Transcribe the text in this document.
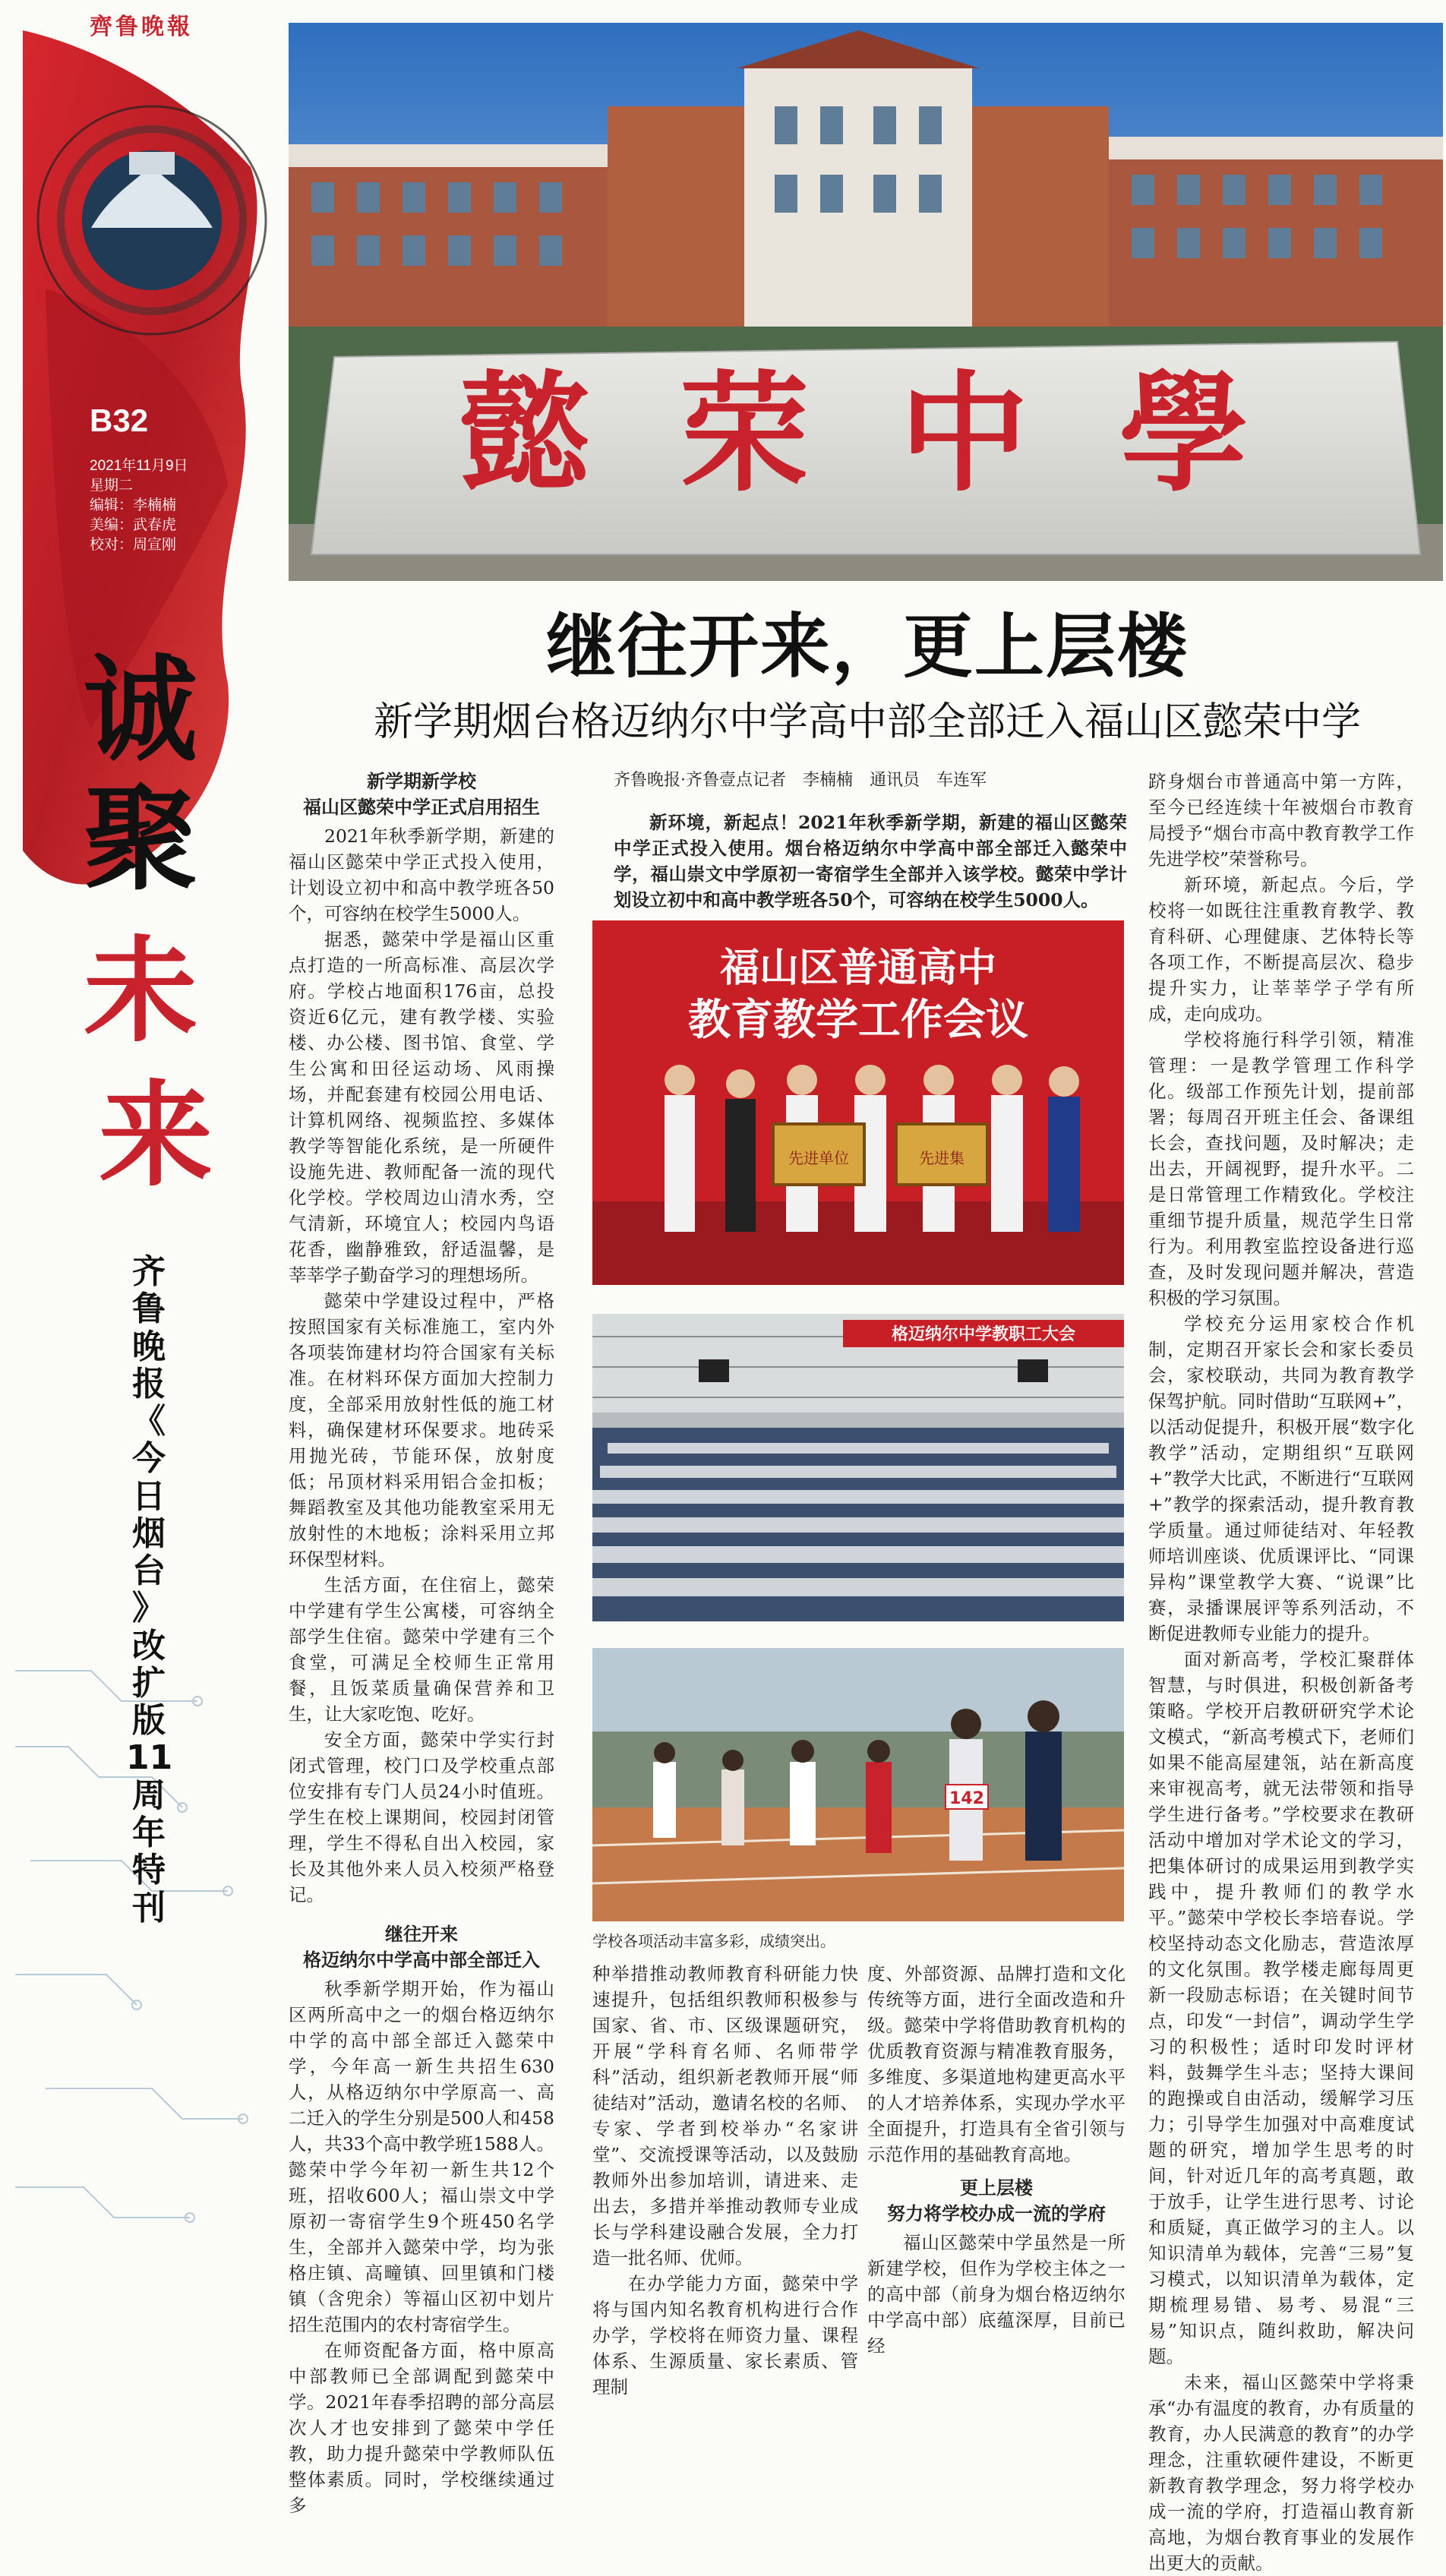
齊鲁晚報
B32
2021年11月9日
星期二
编辑：李楠楠
美编：武春虎
校对：周宣刚
诚
聚
未
来
齐
鲁
晚
报
《
今
日
烟
台
》
改
扩
版
11
周
年
特
刊
懿 荣 中 學
继往开来，更上层楼
新学期烟台格迈纳尔中学高中部全部迁入福山区懿荣中学

新学期新学校

福山区懿荣中学正式启用招生

2021年秋季新学期，新建的福山区懿荣中学正式投入使用，计划设立初中和高中教学班各50个，可容纳在校学生5000人。

据悉，懿荣中学是福山区重点打造的一所高标准、高层次学府。学校占地面积176亩，总投资近6亿元，建有教学楼、实验楼、办公楼、图书馆、食堂、学生公寓和田径运动场、风雨操场，并配套建有校园公用电话、计算机网络、视频监控、多媒体教学等智能化系统，是一所硬件设施先进、教师配备一流的现代化学校。学校周边山清水秀，空气清新，环境宜人；校园内鸟语花香，幽静雅致，舒适温馨，是莘莘学子勤奋学习的理想场所。

懿荣中学建设过程中，严格按照国家有关标准施工，室内外各项装饰建材均符合国家有关标准。在材料环保方面加大控制力度，全部采用放射性低的施工材料，确保建材环保要求。地砖采用抛光砖，节能环保，放射度低；吊顶材料采用铝合金扣板；舞蹈教室及其他功能教室采用无放射性的木地板；涂料采用立邦环保型材料。

生活方面，在住宿上，懿荣中学建有学生公寓楼，可容纳全部学生住宿。懿荣中学建有三个食堂，可满足全校师生正常用餐，且饭菜质量确保营养和卫生，让大家吃饱、吃好。

安全方面，懿荣中学实行封闭式管理，校门口及学校重点部位安排有专门人员24小时值班。学生在校上课期间，校园封闭管理，学生不得私自出入校园，家长及其他外来人员入校须严格登记。

继往开来

格迈纳尔中学高中部全部迁入

秋季新学期开始，作为福山区两所高中之一的烟台格迈纳尔中学的高中部全部迁入懿荣中学，今年高一新生共招生630人，从格迈纳尔中学原高一、高二迁入的学生分别是500人和458人，共33个高中教学班1588人。懿荣中学今年初一新生共12个班，招收600人；福山崇文中学原初一寄宿学生9个班450名学生，全部并入懿荣中学，均为张格庄镇、高疃镇、回里镇和门楼镇（含兜余）等福山区初中划片招生范围内的农村寄宿学生。

在师资配备方面，格中原高中部教师已全部调配到懿荣中学。2021年春季招聘的部分高层次人才也安排到了懿荣中学任教，助力提升懿荣中学教师队伍整体素质。同时，学校继续通过多

齐鲁晚报·齐鲁壹点记者　李楠楠　通讯员　车连军
新环境，新起点！2021年秋季新学期，新建的福山区懿荣中学正式投入使用。烟台格迈纳尔中学高中部全部迁入懿荣中学，福山崇文中学原初一寄宿学生全部并入该学校。懿荣中学计划设立初中和高中教学班各50个，可容纳在校学生5000人。
福山区普通高中
教育教学工作会议
先进单位	先进集
格迈纳尔中学教职工大会
142
学校各项活动丰富多彩，成绩突出。

种举措推动教师教育科研能力快速提升，包括组织教师积极参与国家、省、市、区级课题研究，开展“学科育名师、名师带学科”活动，组织新老教师开展“师徒结对”活动，邀请名校的名师、专家、学者到校举办“名家讲堂”、交流授课等活动，以及鼓励教师外出参加培训，请进来、走出去，多措并举推动教师专业成长与学科建设融合发展，全力打造一批名师、优师。

在办学能力方面，懿荣中学将与国内知名教育机构进行合作办学，学校将在师资力量、课程体系、生源质量、家长素质、管理制

度、外部资源、品牌打造和文化传统等方面，进行全面改造和升级。懿荣中学将借助教育机构的优质教育资源与精准教育服务，多维度、多渠道地构建更高水平的人才培养体系，实现办学水平全面提升，打造具有全省引领与示范作用的基础教育高地。

更上层楼

努力将学校办成一流的学府

福山区懿荣中学虽然是一所新建学校，但作为学校主体之一的高中部（前身为烟台格迈纳尔中学高中部）底蕴深厚，目前已经

跻身烟台市普通高中第一方阵，至今已经连续十年被烟台市教育局授予“烟台市高中教育教学工作先进学校”荣誉称号。

新环境，新起点。今后，学校将一如既往注重教育教学、教育科研、心理健康、艺体特长等各项工作，不断提高层次、稳步提升实力，让莘莘学子学有所成，走向成功。

学校将施行科学引领，精准管理：一是教学管理工作科学化。级部工作预先计划，提前部署；每周召开班主任会、备课组长会，查找问题，及时解决；走出去，开阔视野，提升水平。二是日常管理工作精致化。学校注重细节提升质量，规范学生日常行为。利用教室监控设备进行巡查，及时发现问题并解决，营造积极的学习氛围。

学校充分运用家校合作机制，定期召开家长会和家长委员会，家校联动，共同为教育教学保驾护航。同时借助“互联网+”，以活动促提升，积极开展“数字化教学”活动，定期组织“互联网+”教学大比武，不断进行“互联网+”教学的探索活动，提升教育教学质量。通过师徒结对、年轻教师培训座谈、优质课评比、“同课异构”课堂教学大赛、“说课”比赛，录播课展评等系列活动，不断促进教师专业能力的提升。

面对新高考，学校汇聚群体智慧，与时俱进，积极创新备考策略。学校开启教研研究学术论文模式，“新高考模式下，老师们如果不能高屋建瓴，站在新高度来审视高考，就无法带领和指导学生进行备考。”学校要求在教研活动中增加对学术论文的学习，把集体研讨的成果运用到教学实践中，提升教师们的教学水平。”懿荣中学校长李培春说。学校坚持动态文化励志，营造浓厚的文化氛围。教学楼走廊每周更新一段励志标语；在关键时间节点，印发“一封信”，调动学生学习的积极性；适时印发时评材料，鼓舞学生斗志；坚持大课间的跑操或自由活动，缓解学习压力；引导学生加强对中高难度试题的研究，增加学生思考的时间，针对近几年的高考真题，敢于放手，让学生进行思考、讨论和质疑，真正做学习的主人。以知识清单为载体，完善“三易”复习模式，以知识清单为载体，定期梳理易错、易考、易混“三易”知识点，随纠救助，解决问题。

未来，福山区懿荣中学将秉承“办有温度的教育，办有质量的教育，办人民满意的教育”的办学理念，注重软硬件建设，不断更新教育教学理念，努力将学校办成一流的学府，打造福山教育新高地，为烟台教育事业的发展作出更大的贡献。
